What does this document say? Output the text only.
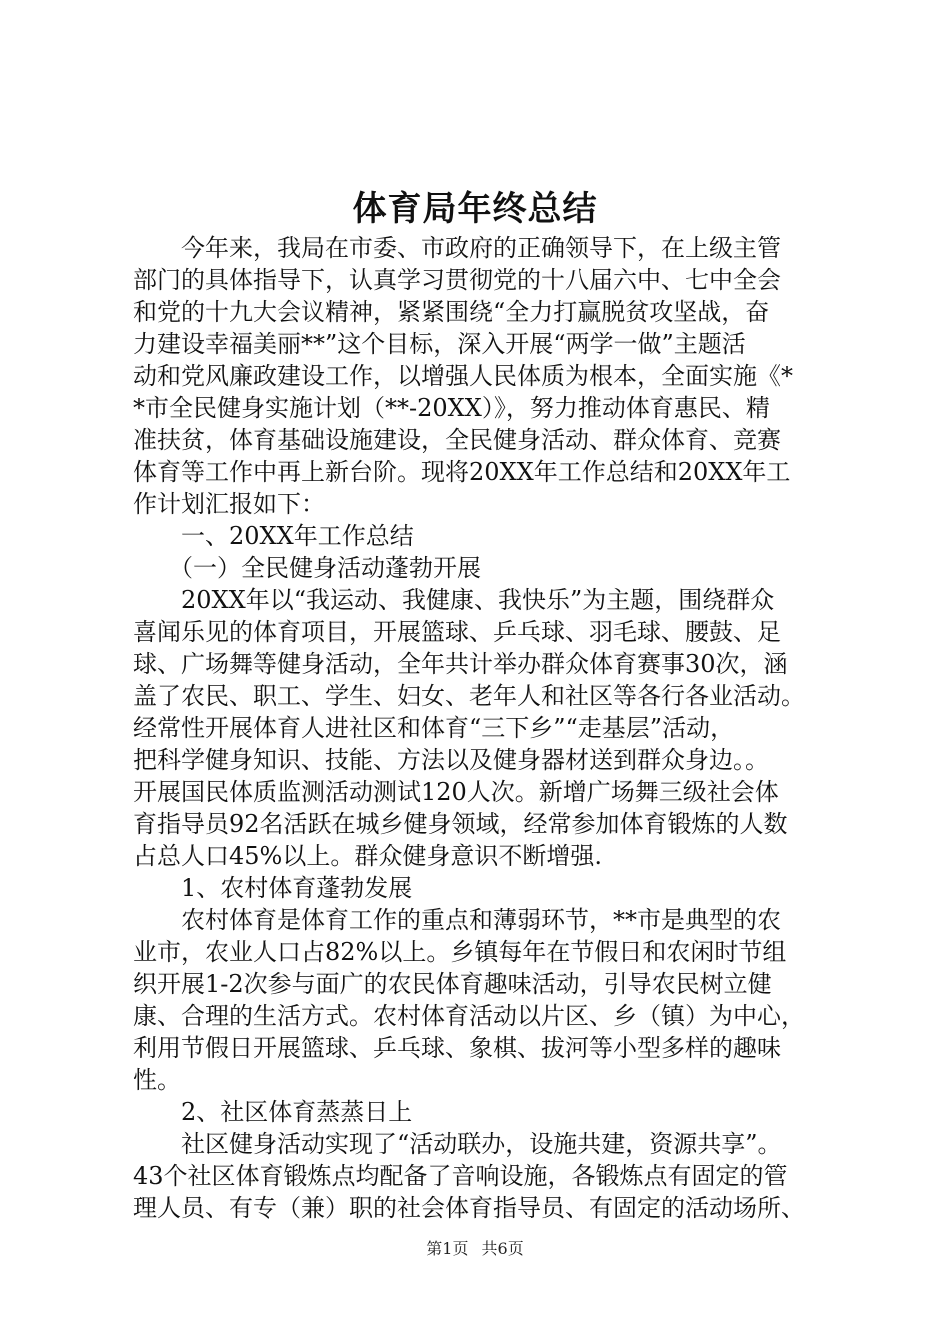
体育局年终总结
　　今年来，我局在市委、市政府的正确领导下，在上级主管
部门的具体指导下，认真学习贯彻党的十八届六中、七中全会
和党的十九大会议精神，紧紧围绕“全力打赢脱贫攻坚战，奋
力建设幸福美丽**”这个目标，深入开展“两学一做”主题活
动和党风廉政建设工作，以增强人民体质为根本，全面实施《*
*市全民健身实施计划（**-20XX）》，努力推动体育惠民、精
准扶贫，体育基础设施建设，全民健身活动、群众体育、竞赛
体育等工作中再上新台阶。现将20XX年工作总结和20XX年工
作计划汇报如下：
　　一、20XX年工作总结
　　（一）全民健身活动蓬勃开展
　　20XX年以“我运动、我健康、我快乐”为主题，围绕群众
喜闻乐见的体育项目，开展篮球、乒乓球、羽毛球、腰鼓、足
球、广场舞等健身活动，全年共计举办群众体育赛事30次，涵
盖了农民、职工、学生、妇女、老年人和社区等各行各业活动。
经常性开展体育人进社区和体育“三下乡”“走基层”活动，
把科学健身知识、技能、方法以及健身器材送到群众身边。。
开展国民体质监测活动测试120人次。新增广场舞三级社会体
育指导员92名活跃在城乡健身领域，经常参加体育锻炼的人数
占总人口45%以上。群众健身意识不断增强.
　　1、农村体育蓬勃发展
　　农村体育是体育工作的重点和薄弱环节，**市是典型的农
业市，农业人口占82%以上。乡镇每年在节假日和农闲时节组
织开展1-2次参与面广的农民体育趣味活动，引导农民树立健
康、合理的生活方式。农村体育活动以片区、乡（镇）为中心，
利用节假日开展篮球、乒乓球、象棋、拔河等小型多样的趣味
性。
　　2、社区体育蒸蒸日上
　　社区健身活动实现了“活动联办，设施共建，资源共享”。
43个社区体育锻炼点均配备了音响设施，各锻炼点有固定的管
理人员、有专（兼）职的社会体育指导员、有固定的活动场所、
第1页 共6页
